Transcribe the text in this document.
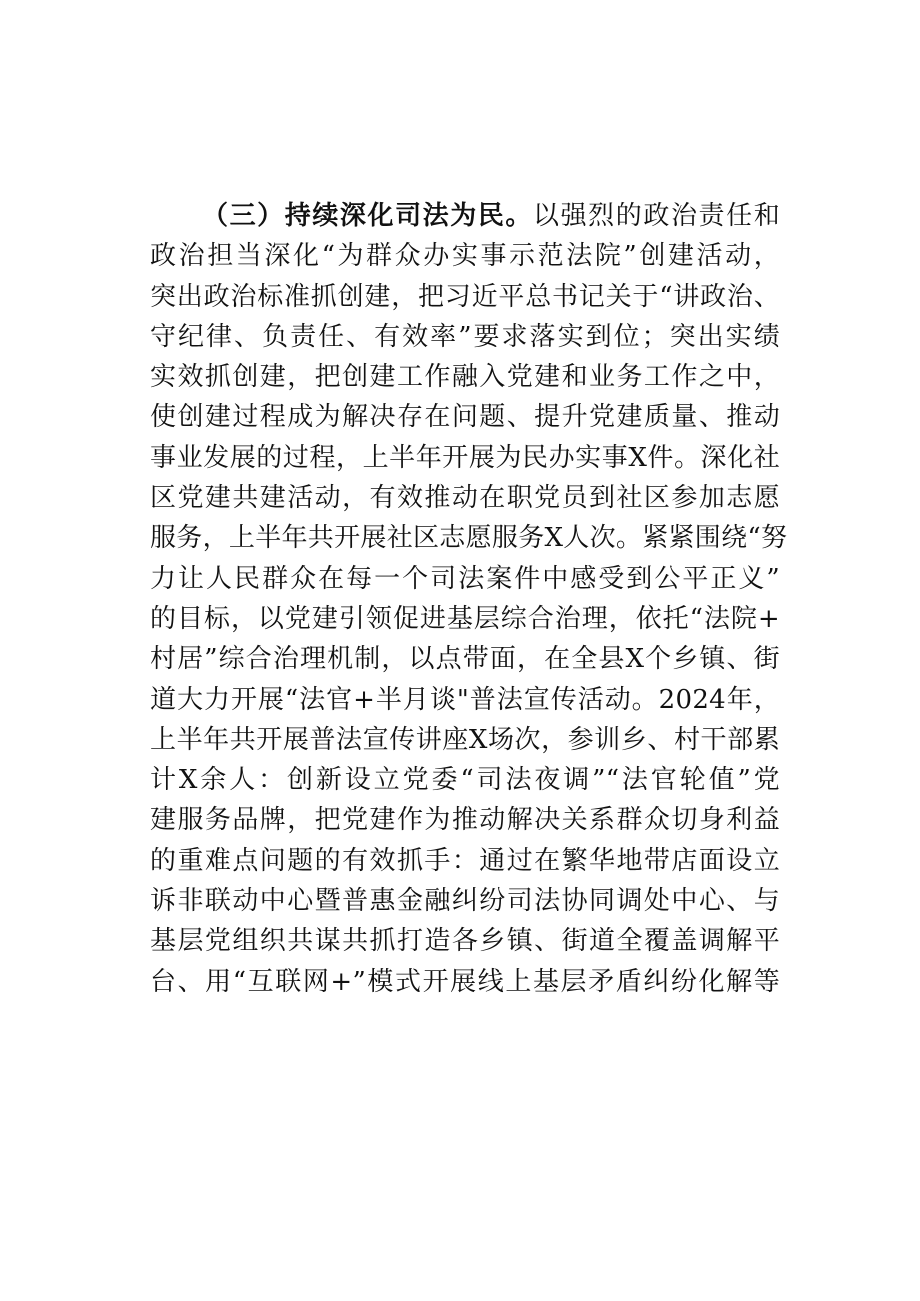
（三）持续深化司法为民。以强烈的政治责任和
政治担当深化“为群众办实事示范法院”创建活动，
突出政治标准抓创建，把习近平总书记关于“讲政治、
守纪律、负责任、有效率”要求落实到位；突出实绩
实效抓创建，把创建工作融入党建和业务工作之中，
使创建过程成为解决存在问题、提升党建质量、推动
事业发展的过程，上半年开展为民办实事X件。深化社
区党建共建活动，有效推动在职党员到社区参加志愿
服务，上半年共开展社区志愿服务X人次。紧紧围绕“努
力让人民群众在每一个司法案件中感受到公平正义”
的目标，以党建引领促进基层综合治理，依托“法院+
村居”综合治理机制，以点带面，在全县X个乡镇、街
道大力开展“法官+半月谈"普法宣传活动。2024年，
上半年共开展普法宣传讲座X场次，参训乡、村干部累
计X余人：创新设立党委“司法夜调”“法官轮值”党
建服务品牌，把党建作为推动解决关系群众切身利益
的重难点问题的有效抓手：通过在繁华地带店面设立
诉非联动中心暨普惠金融纠纷司法协同调处中心、与
基层党组织共谋共抓打造各乡镇、街道全覆盖调解平
台、用“互联网+”模式开展线上基层矛盾纠纷化解等
